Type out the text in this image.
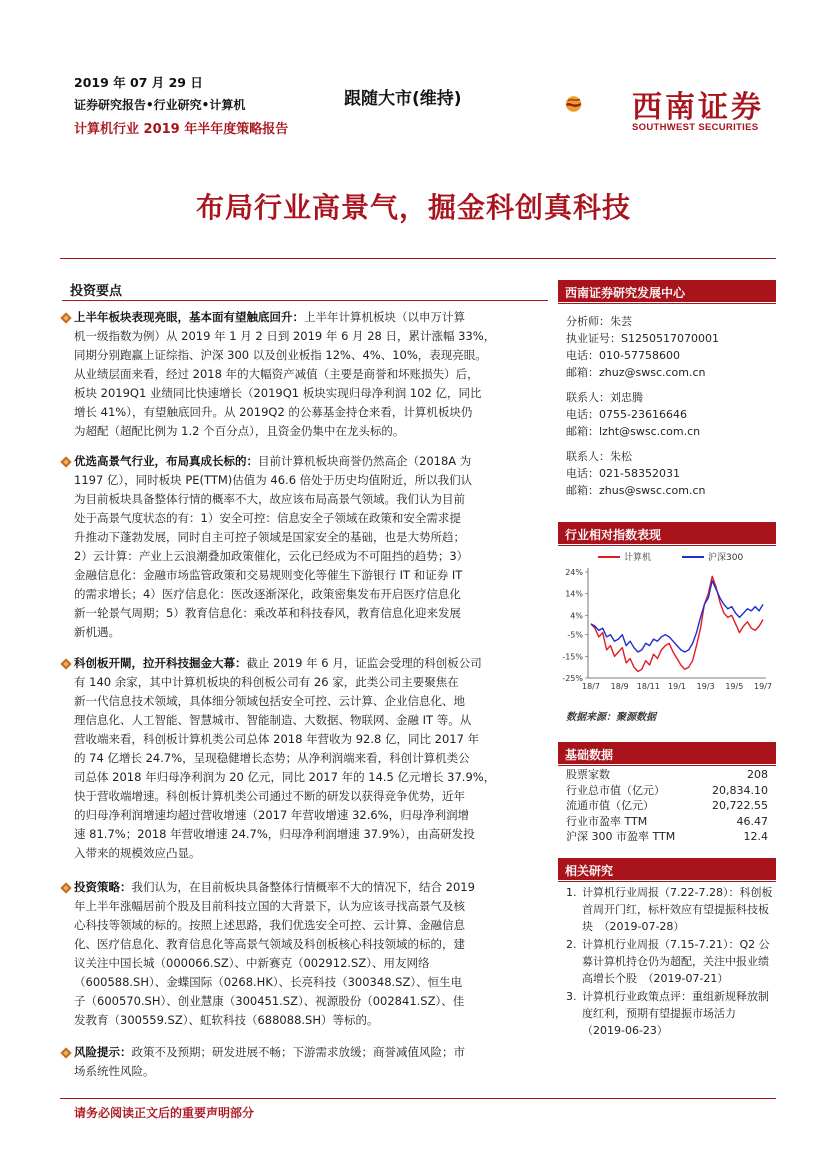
2019 年 07 月 29 日
证券研究报告•行业研究•计算机
计算机行业 2019 年半年度策略报告
跟随大市(维持)	西南证券
SOUTHWEST SECURITIES
布局行业高景气，掘金科创真科技
投资要点
上半年板块表现亮眼，基本面有望触底回升：上半年计算机板块（以申万计算
机一级指数为例）从 2019 年 1 月 2 日到 2019 年 6 月 28 日，累计涨幅 33%，
同期分别跑赢上证综指、沪深 300 以及创业板指 12%、4%、10%，表现亮眼。
从业绩层面来看，经过 2018 年的大幅资产减值（主要是商誉和坏账损失）后，
板块 2019Q1 业绩同比快速增长（2019Q1 板块实现归母净利润 102 亿，同比
增长 41%），有望触底回升。从 2019Q2 的公募基金持仓来看，计算机板块仍
为超配（超配比例为 1.2 个百分点），且资金仍集中在龙头标的。
优选高景气行业，布局真成长标的：目前计算机板块商誉仍然高企（2018A 为
1197 亿），同时板块 PE(TTM)估值为 46.6 倍处于历史均值附近，所以我们认
为目前板块具备整体行情的概率不大，故应该布局高景气领域。我们认为目前
处于高景气度状态的有：1）安全可控：信息安全子领域在政策和安全需求提
升推动下蓬勃发展，同时自主可控子领域是国家安全的基础，也是大势所趋；
2）云计算：产业上云浪潮叠加政策催化，云化已经成为不可阻挡的趋势；3）
金融信息化：金融市场监管政策和交易规则变化等催生下游银行 IT 和证券 IT
的需求增长；4）医疗信息化：医改逐渐深化，政策密集发布开启医疗信息化
新一轮景气周期；5）教育信息化：乘改革和科技春风，教育信息化迎来发展
新机遇。
科创板开閘，拉开科技掘金大幕：截止 2019 年 6 月，证监会受理的科创板公司
有 140 余家，其中计算机板块的科创板公司有 26 家，此类公司主要聚焦在
新一代信息技术领域，具体细分领域包括安全可控、云计算、企业信息化、地
理信息化、人工智能、智慧城市、智能制造、大数据、物联网、金融 IT 等。从
营收端来看，科创板计算机类公司总体 2018 年营收为 92.8 亿，同比 2017 年
的 74 亿增长 24.7%，呈现稳健增长态势；从净利润端来看，科创计算机类公
司总体 2018 年归母净利润为 20 亿元，同比 2017 年的 14.5 亿元增长 37.9%，
快于营收端增速。科创板计算机类公司通过不断的研发以获得竞争优势，近年
的归母净利润增速均超过营收增速（2017 年营收增速 32.6%，归母净利润增
速 81.7%；2018 年营收增速 24.7%，归母净利润增速 37.9%），由高研发投
入带来的规模效应凸显。
投资策略：我们认为，在目前板块具备整体行情概率不大的情况下，结合 2019
年上半年涨幅居前个股及目前科技立国的大背景下，认为应该寻找高景气及核
心科技等领域的标的。按照上述思路，我们优选安全可控、云计算、金融信息
化、医疗信息化、教育信息化等高景气领域及科创板核心科技领域的标的，建
议关注中国长城（000066.SZ）、中新赛克（002912.SZ）、用友网络
（600588.SH）、金蝶国际（0268.HK）、长亮科技（300348.SZ）、恒生电
子（600570.SH）、创业慧康（300451.SZ）、视源股份（002841.SZ）、佳
发教育（300559.SZ）、虹软科技（688088.SH）等标的。
风险提示：政策不及预期；研发进展不畅；下游需求放缓；商誉减值风险；市
场系统性风险。
西南证券研究发展中心
分析师：朱芸
执业证号：S1250517070001
电话：010-57758600
邮箱：zhuz@swsc.com.cn
联系人：刘忠腾
电话：0755-23616646
邮箱：lzht@swsc.com.cn
联系人：朱松
电话：021-58352031
邮箱：zhus@swsc.com.cn
行业相对指数表现
计算机	沪深300
24%
14%
4%
-5%
-15%
-25%
18/7 18/9 18/11 19/1 19/3 19/5 19/7
数据来源：聚源数据
基础数据
股票家数	208
行业总市值（亿元）	20,834.10
流通市值（亿元）	20,722.55
行业市盈率 TTM	46.47
沪深 300 市盈率 TTM	12.4
相关研究
1. 计算机行业周报（7.22-7.28）：科创板
首周开门红，标杆效应有望提振科技板
块　（2019-07-28）
2. 计算机行业周报（7.15-7.21）：Q2 公
募计算机持仓仍为超配，关注中报业绩
高增长个股　（2019-07-21）
3. 计算机行业政策点评：重组新规释放制
度红利，预期有望提振市场活力
（2019-06-23）
请务必阅读正文后的重要声明部分
